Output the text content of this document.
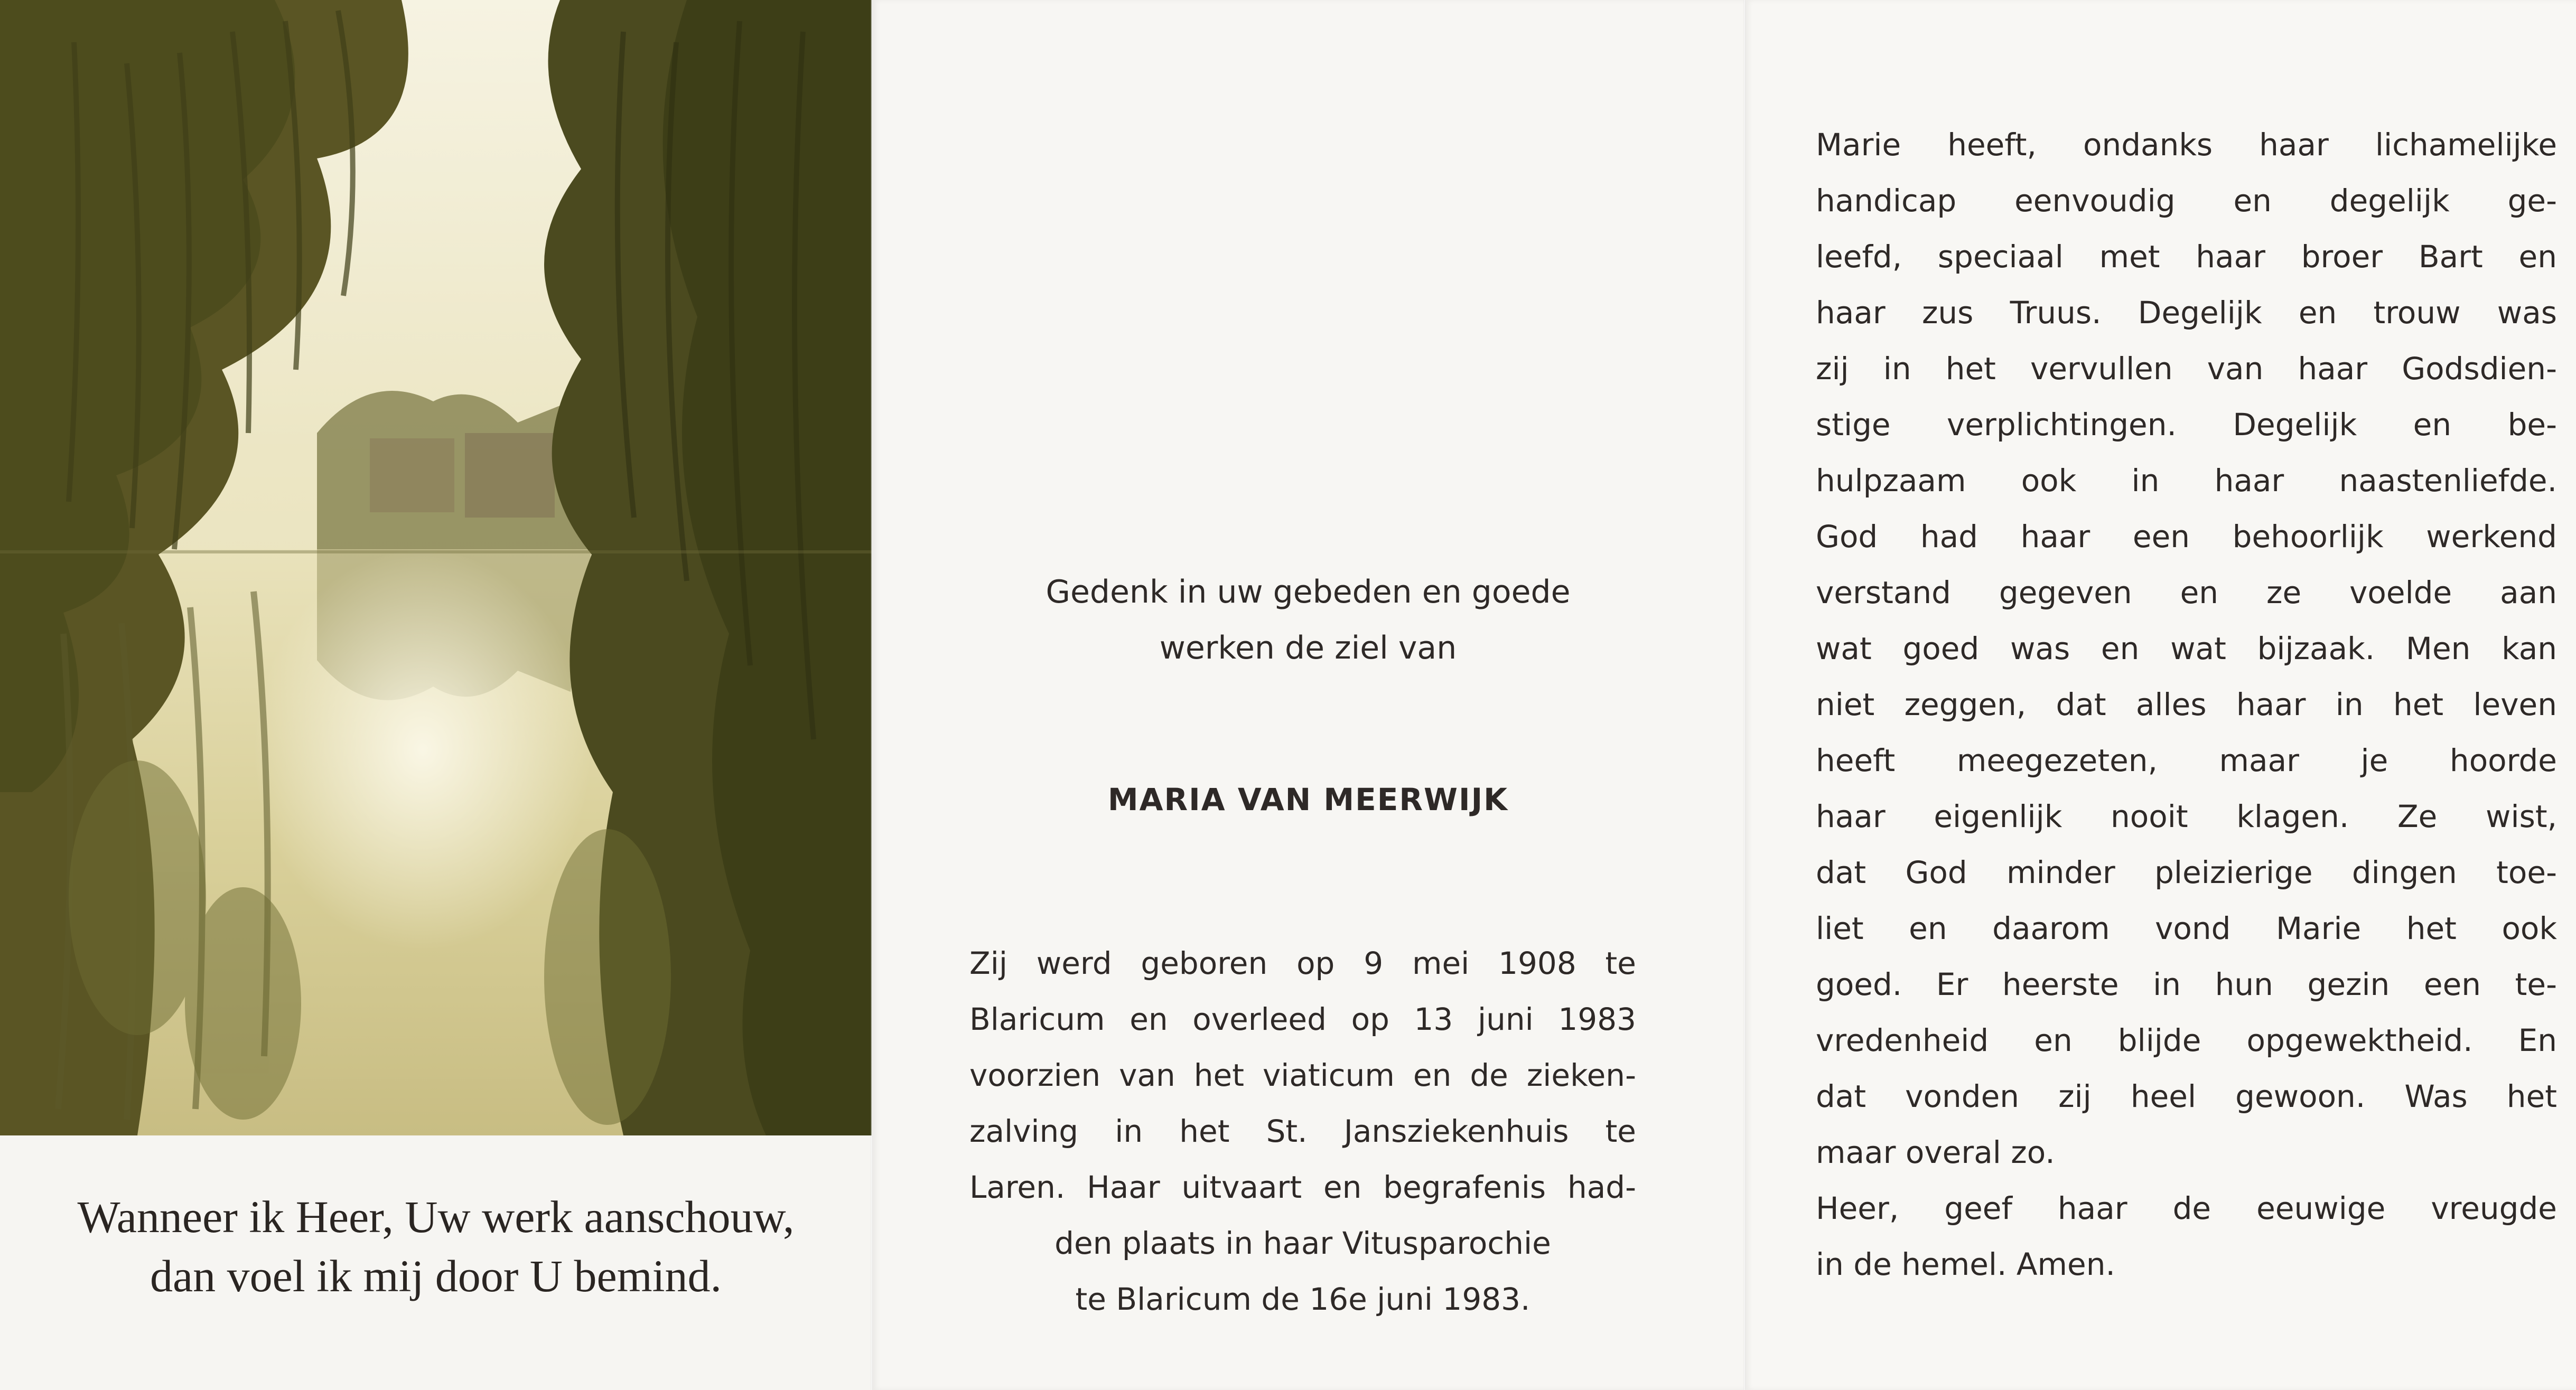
Wanneer ik Heer, Uw werk aanschouw,
dan voel ik mij door U bemind.
Gedenk in uw gebeden en goede
werken de ziel van
MARIA VAN MEERWIJK
Zij werd geboren op 9 mei 1908 te
Blaricum en overleed op 13 juni 1983
voorzien van het viaticum en de zieken-
zalving in het St. Jansziekenhuis te
Laren. Haar uitvaart en begrafenis had-
den plaats in haar Vitusparochie
te Blaricum de 16e juni 1983.
Marie heeft, ondanks haar lichamelijke
handicap eenvoudig en degelijk ge-
leefd, speciaal met haar broer Bart en
haar zus Truus. Degelijk en trouw was
zij in het vervullen van haar Godsdien-
stige verplichtingen. Degelijk en be-
hulpzaam ook in haar naastenliefde.
God had haar een behoorlijk werkend
verstand gegeven en ze voelde aan
wat goed was en wat bijzaak. Men kan
niet zeggen, dat alles haar in het leven
heeft meegezeten, maar je hoorde
haar eigenlijk nooit klagen. Ze wist,
dat God minder pleizierige dingen toe-
liet en daarom vond Marie het ook
goed. Er heerste in hun gezin een te-
vredenheid en blijde opgewektheid. En
dat vonden zij heel gewoon. Was het
maar overal zo.
Heer, geef haar de eeuwige vreugde
in de hemel. Amen.
